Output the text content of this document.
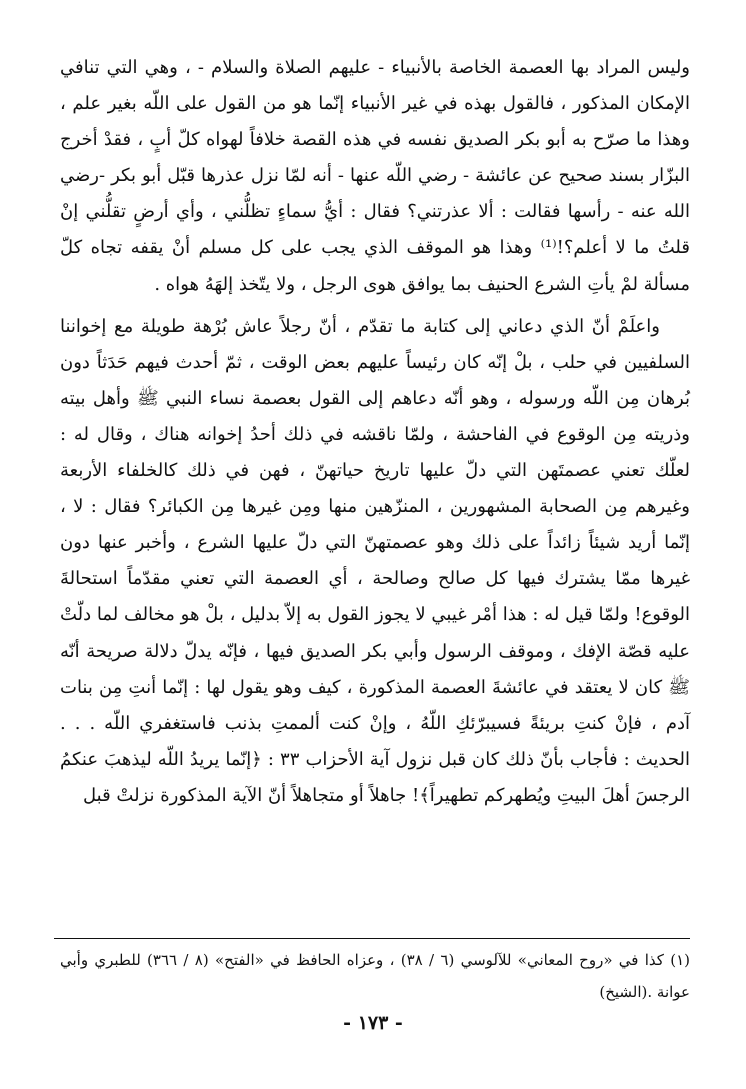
وليس المراد بها العصمة الخاصة بالأنبياء - عليهم الصلاة والسلام - ، وهي التي تنافي الإمكان المذكور ، فالقول بهذه في غير الأنبياء إنّما هو من القول على اللّه بغير علم ، وهذا ما صرّح به أبو بكر الصديق نفسه في هذه القصة خلافاً لهواه كلّ أبٍ ، فقدْ أخرج البزّار بسند صحيح عن عائشة - رضي اللّه عنها - أنه لمّا نزل عذرها قبّل أبو بكر -رضي الله عنه - رأسها فقالت : ألا عذرتني؟ فقال : أيُّ سماءٍ تظلُّني ، وأي أرضٍ تقلُّني إنْ قلتُ ما لا أعلم؟!⁽¹⁾ وهذا هو الموقف الذي يجب على كل مسلم أنْ يقفه تجاه كلّ مسألة لمْ يأتِ الشرع الحنيف بما يوافق هوى الرجل ، ولا يتّخذ إلهَهُ هواه .

واعلَمْ أنّ الذي دعاني إلى كتابة ما تقدّم ، أنّ رجلاً عاش بُرْهة طويلة مع إخواننا السلفيين في حلب ، بلْ إنّه كان رئيساً عليهم بعض الوقت ، ثمّ أحدث فيهم حَدَثاً دون بُرهان مِن اللّه ورسوله ، وهو أنّه دعاهم إلى القول بعصمة نساء النبي ﷺ وأهل بيته وذريته مِن الوقوع في الفاحشة ، ولمّا ناقشه في ذلك أحدُ إخوانه هناك ، وقال له : لعلّك تعني عصمتَهن التي دلّ عليها تاريخ حياتهنّ ، فهن في ذلك كالخلفاء الأربعة وغيرهم مِن الصحابة المشهورين ، المنزّهين منها ومِن غيرها مِن الكبائر؟ فقال : لا ، إنّما أريد شيئاً زائداً على ذلك وهو عصمتهنّ التي دلّ عليها الشرع ، وأخبر عنها دون غيرها ممّا يشترك فيها كل صالح وصالحة ، أي العصمة التي تعني مقدّماً استحالةَ الوقوع! ولمّا قيل له : هذا أمْر غيبي لا يجوز القول به إلاّ بدليل ، بلْ هو مخالف لما دلّتْ عليه قصّة الإفك ، وموقف الرسول وأبي بكر الصديق فيها ، فإنّه يدلّ دلالة صريحة أنّه ﷺ كان لا يعتقد في عائشةَ العصمة المذكورة ، كيف وهو يقول لها : إنّما أنتِ مِن بنات آدم ، فإنْ كنتِ بريئةً فسيبرّئكِ اللّهُ ، وإنْ كنت ألممتِ بذنب فاستغفري اللّه . . . الحديث : فأجاب بأنّ ذلك كان قبل نزول آية الأحزاب ٣٣ : ﴿إنّما يريدُ اللّه ليذهبَ عنكمُ الرجسَ أهلَ البيتِ ويُطهركم تطهيراً﴾! جاهلاً أو متجاهلاً أنّ الآية المذكورة نزلتْ قبل

(١) كذا في «روح المعاني» للآلوسي (٦ / ٣٨) ، وعزاه الحافظ في «الفتح» (٨ / ٣٦٦) للطبري وأبي عوانة .(الشيخ)

- ١٧٣ -
